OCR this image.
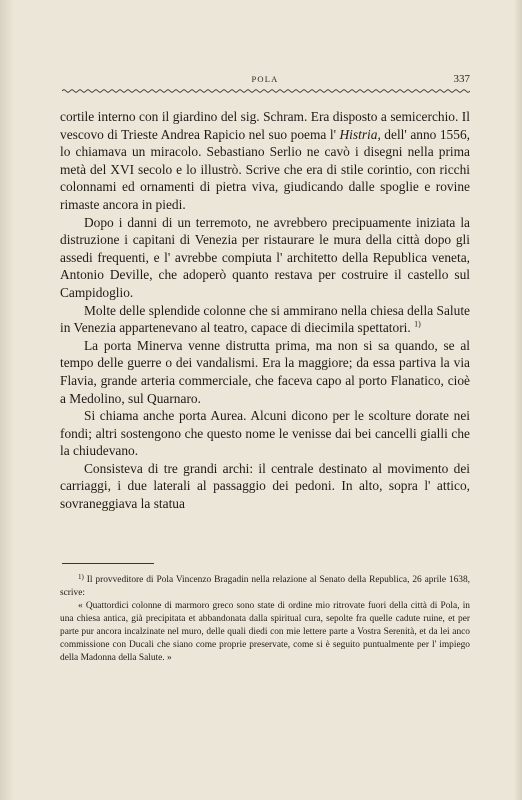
POLA	337

cortile interno con il giardino del sig. Schram. Era disposto a semicerchio. Il vescovo di Trieste Andrea Rapicio nel suo poema l' Histria, dell' anno 1556, lo chiamava un miracolo. Sebastiano Serlio ne cavò i disegni nella prima metà del XVI secolo e lo illustrò. Scrive che era di stile corintio, con ricchi colonnami ed ornamenti di pietra viva, giudicando dalle spoglie e rovine rimaste ancora in piedi.

Dopo i danni di un terremoto, ne avrebbero precipuamente iniziata la distruzione i capitani di Venezia per ristaurare le mura della città dopo gli assedi frequenti, e l' avrebbe compiuta l' architetto della Republica veneta, Antonio Deville, che adoperò quanto restava per costruire il castello sul Campidoglio.

Molte delle splendide colonne che si ammirano nella chiesa della Salute in Venezia appartenevano al teatro, capace di diecimila spettatori. $^{1)}$

La porta Minerva venne distrutta prima, ma non si sa quando, se al tempo delle guerre o dei vandalismi. Era la maggiore; da essa partiva la via Flavia, grande arteria commerciale, che faceva capo al porto Flanatico, cioè a Medolino, sul Quarnaro.

Si chiama anche porta Aurea. Alcuni dicono per le scolture dorate nei fondi; altri sostengono che questo nome le venisse dai bei cancelli gialli che la chiudevano.

Consisteva di tre grandi archi: il centrale destinato al movimento dei carriaggi, i due laterali al passaggio dei pedoni. In alto, sopra l' attico, sovraneggiava la statua

$^{1)}$ Il provveditore di Pola Vincenzo Bragadin nella relazione al Senato della Republica, 26 aprile 1638, scrive:

« Quattordici colonne di marmoro greco sono state di ordine mio ritrovate fuori della città di Pola, in una chiesa antica, già precipitata et abbandonata dalla spiritual cura, sepolte fra quelle cadute ruine, et per parte pur ancora incalzinate nel muro, delle quali diedi con mie lettere parte a Vostra Serenità, et da lei anco commissione con Ducali che siano come proprie preservate, come si è seguito puntualmente per l' impiego della Madonna della Salute. »
